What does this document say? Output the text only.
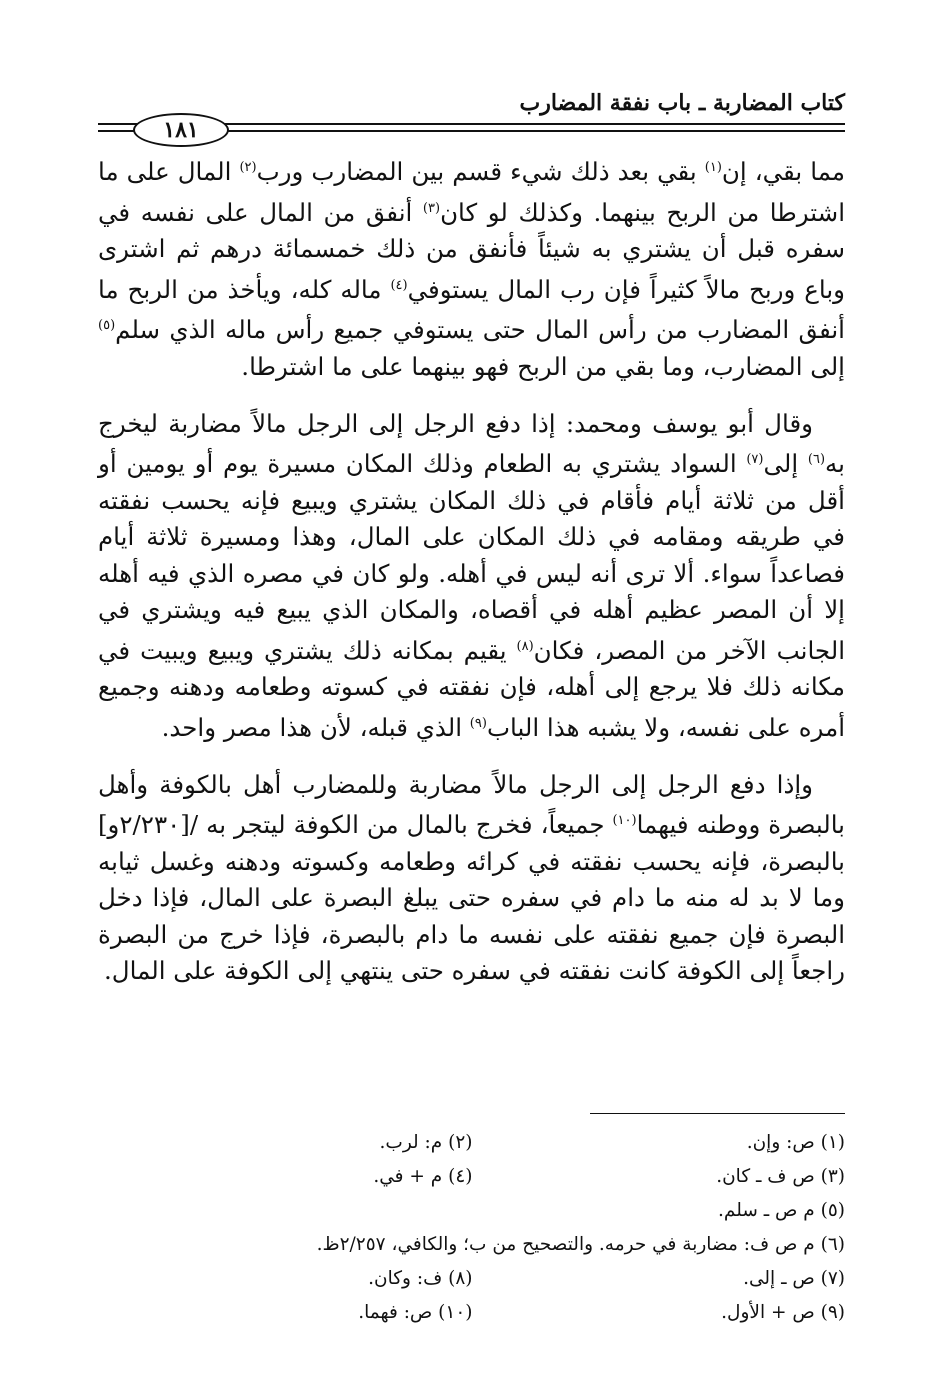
كتاب المضاربة ـ باب نفقة المضارب
١٨١

مما بقي، إن$^{(١)}$ بقي بعد ذلك شيء قسم بين المضارب ورب$^{(٢)}$ المال على ما اشترطا من الربح بينهما. وكذلك لو كان$^{(٣)}$ أنفق من المال على نفسه في سفره قبل أن يشتري به شيئاً فأنفق من ذلك خمسمائة درهم ثم اشترى وباع وربح مالاً كثيراً فإن رب المال يستوفي$^{(٤)}$ ماله كله، ويأخذ من الربح ما أنفق المضارب من رأس المال حتى يستوفي جميع رأس ماله الذي سلم$^{(٥)}$ إلى المضارب، وما بقي من الربح فهو بينهما على ما اشترطا.

وقال أبو يوسف ومحمد: إذا دفع الرجل إلى الرجل مالاً مضاربة ليخرج به$^{(٦)}$ إلى$^{(٧)}$ السواد يشتري به الطعام وذلك المكان مسيرة يوم أو يومين أو أقل من ثلاثة أيام فأقام في ذلك المكان يشتري ويبيع فإنه يحسب نفقته في طريقه ومقامه في ذلك المكان على المال، وهذا ومسيرة ثلاثة أيام فصاعداً سواء. ألا ترى أنه ليس في أهله. ولو كان في مصره الذي فيه أهله إلا أن المصر عظيم أهله في أقصاه، والمكان الذي يبيع فيه ويشتري في الجانب الآخر من المصر، فكان$^{(٨)}$ يقيم بمكانه ذلك يشتري ويبيع ويبيت في مكانه ذلك فلا يرجع إلى أهله، فإن نفقته في كسوته وطعامه ودهنه وجميع أمره على نفسه، ولا يشبه هذا الباب$^{(٩)}$ الذي قبله، لأن هذا مصر واحد.

وإذا دفع الرجل إلى الرجل مالاً مضاربة وللمضارب أهل بالكوفة وأهل بالبصرة ووطنه فيهما$^{(١٠)}$ جميعاً، فخرج بالمال من الكوفة ليتجر به /[٢/٢٣٠و] بالبصرة، فإنه يحسب نفقته في كرائه وطعامه وكسوته ودهنه وغسل ثيابه وما لا بد له منه ما دام في سفره حتى يبلغ البصرة على المال، فإذا دخل البصرة فإن جميع نفقته على نفسه ما دام بالبصرة، فإذا خرج من البصرة راجعاً إلى الكوفة كانت نفقته في سفره حتى ينتهي إلى الكوفة على المال.

(١) ص: وإن.
(٢) م: لرب.
(٣) ص ف ـ كان.
(٤) م + في.
(٥) م ص ـ سلم.
(٦) م ص ف: مضاربة في حرمه. والتصحيح من ب؛ والكافي، ٢/٢٥٧ظ.
(٧) ص ـ إلى.
(٨) ف: وكان.
(٩) ص + الأول.
(١٠) ص: فهما.
